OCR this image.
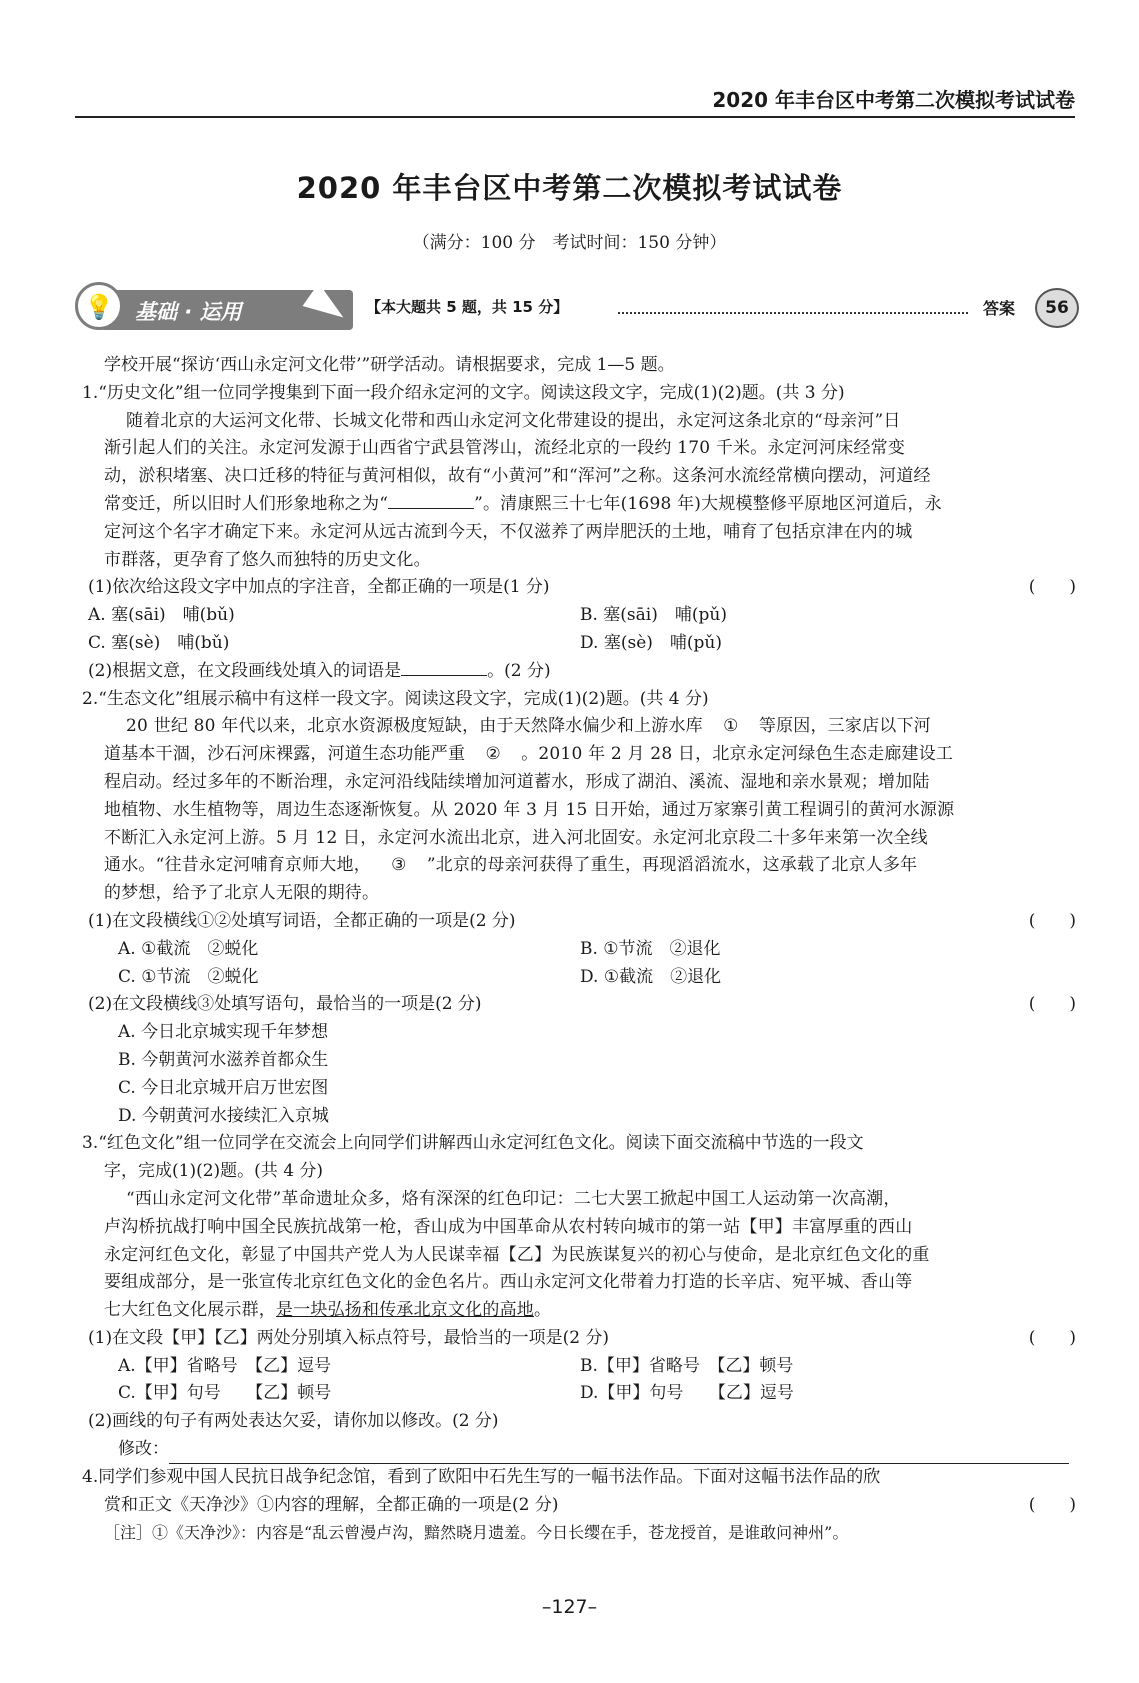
2020 年丰台区中考第二次模拟考试试卷
2020 年丰台区中考第二次模拟考试试卷
（满分：100 分　考试时间：150 分钟）
💡	基础 · 运用	【本大题共 5 题，共 15 分】	答案	56
学校开展“探访‘西山永定河文化带’”研学活动。请根据要求，完成 1—5 题。
1.“历史文化”组一位同学搜集到下面一段介绍永定河的文字。阅读这段文字，完成(1)(2)题。(共 3 分)
随着北京的大运河文化带、长城文化带和西山永定河文化带建设的提出，永定河这条北京的“母亲河”日
渐引起人们的关注。永定河发源于山西省宁武县管涔山，流经北京的一段约 170 千米。永定河河床经常变
动，淤积堵塞、决口迁移的特征与黄河相似，故有“小黄河”和“浑河”之称。这条河水流经常横向摆动，河道经
常变迁，所以旧时人们形象地称之为“	”。清康熙三十七年(1698 年)大规模整修平原地区河道后，永
定河这个名字才确定下来。永定河从远古流到今天，不仅滋养了两岸肥沃的土地，哺育了包括京津在内的城
市群落，更孕育了悠久而独特的历史文化。
(1)依次给这段文字中加点的字注音，全都正确的一项是(1 分)	(　　)
A. 塞(sāi)　哺(bǔ)	B. 塞(sāi)　哺(pǔ)
C. 塞(sè)　哺(bǔ)	D. 塞(sè)　哺(pǔ)
(2)根据文意，在文段画线处填入的词语是	。(2 分)
2.“生态文化”组展示稿中有这样一段文字。阅读这段文字，完成(1)(2)题。(共 4 分)
20 世纪 80 年代以来，北京水资源极度短缺，由于天然降水偏少和上游水库 ① 等原因，三家店以下河
道基本干涸，沙石河床裸露，河道生态功能严重 ② 。2010 年 2 月 28 日，北京永定河绿色生态走廊建设工
程启动。经过多年的不断治理，永定河沿线陆续增加河道蓄水，形成了湖泊、溪流、湿地和亲水景观；增加陆
地植物、水生植物等，周边生态逐渐恢复。从 2020 年 3 月 15 日开始，通过万家寨引黄工程调引的黄河水源源
不断汇入永定河上游。5 月 12 日，永定河水流出北京，进入河北固安。永定河北京段二十多年来第一次全线
通水。“往昔永定河哺育京师大地， ③ ”北京的母亲河获得了重生，再现滔滔流水，这承载了北京人多年
的梦想，给予了北京人无限的期待。
(1)在文段横线①②处填写词语，全都正确的一项是(2 分)	(　　)
A. ①截流　②蜕化	B. ①节流　②退化
C. ①节流　②蜕化	D. ①截流　②退化
(2)在文段横线③处填写语句，最恰当的一项是(2 分)	(　　)
A. 今日北京城实现千年梦想
B. 今朝黄河水滋养首都众生
C. 今日北京城开启万世宏图
D. 今朝黄河水接续汇入京城
3.“红色文化”组一位同学在交流会上向同学们讲解西山永定河红色文化。阅读下面交流稿中节选的一段文
字，完成(1)(2)题。(共 4 分)
“西山永定河文化带”革命遗址众多，烙有深深的红色印记：二七大罢工掀起中国工人运动第一次高潮，
卢沟桥抗战打响中国全民族抗战第一枪，香山成为中国革命从农村转向城市的第一站【甲】丰富厚重的西山
永定河红色文化，彰显了中国共产党人为人民谋幸福【乙】为民族谋复兴的初心与使命，是北京红色文化的重
要组成部分，是一张宣传北京红色文化的金色名片。西山永定河文化带着力打造的长辛店、宛平城、香山等
七大红色文化展示群，是一块弘扬和传承北京文化的高地。
(1)在文段【甲】【乙】两处分别填入标点符号，最恰当的一项是(2 分)	(　　)
A.【甲】省略号　【乙】逗号	B.【甲】省略号　【乙】顿号
C.【甲】句号　　【乙】顿号	D.【甲】句号　　【乙】逗号
(2)画线的句子有两处表达欠妥，请你加以修改。(2 分)
修改：
4.同学们参观中国人民抗日战争纪念馆，看到了欧阳中石先生写的一幅书法作品。下面对这幅书法作品的欣
赏和正文《天净沙》①内容的理解，全都正确的一项是(2 分)	(　　)
［注］①《天净沙》：内容是“乱云曾漫卢沟，黯然晓月遗羞。今日长缨在手，苍龙授首，是谁敢问神州”。
–127–
